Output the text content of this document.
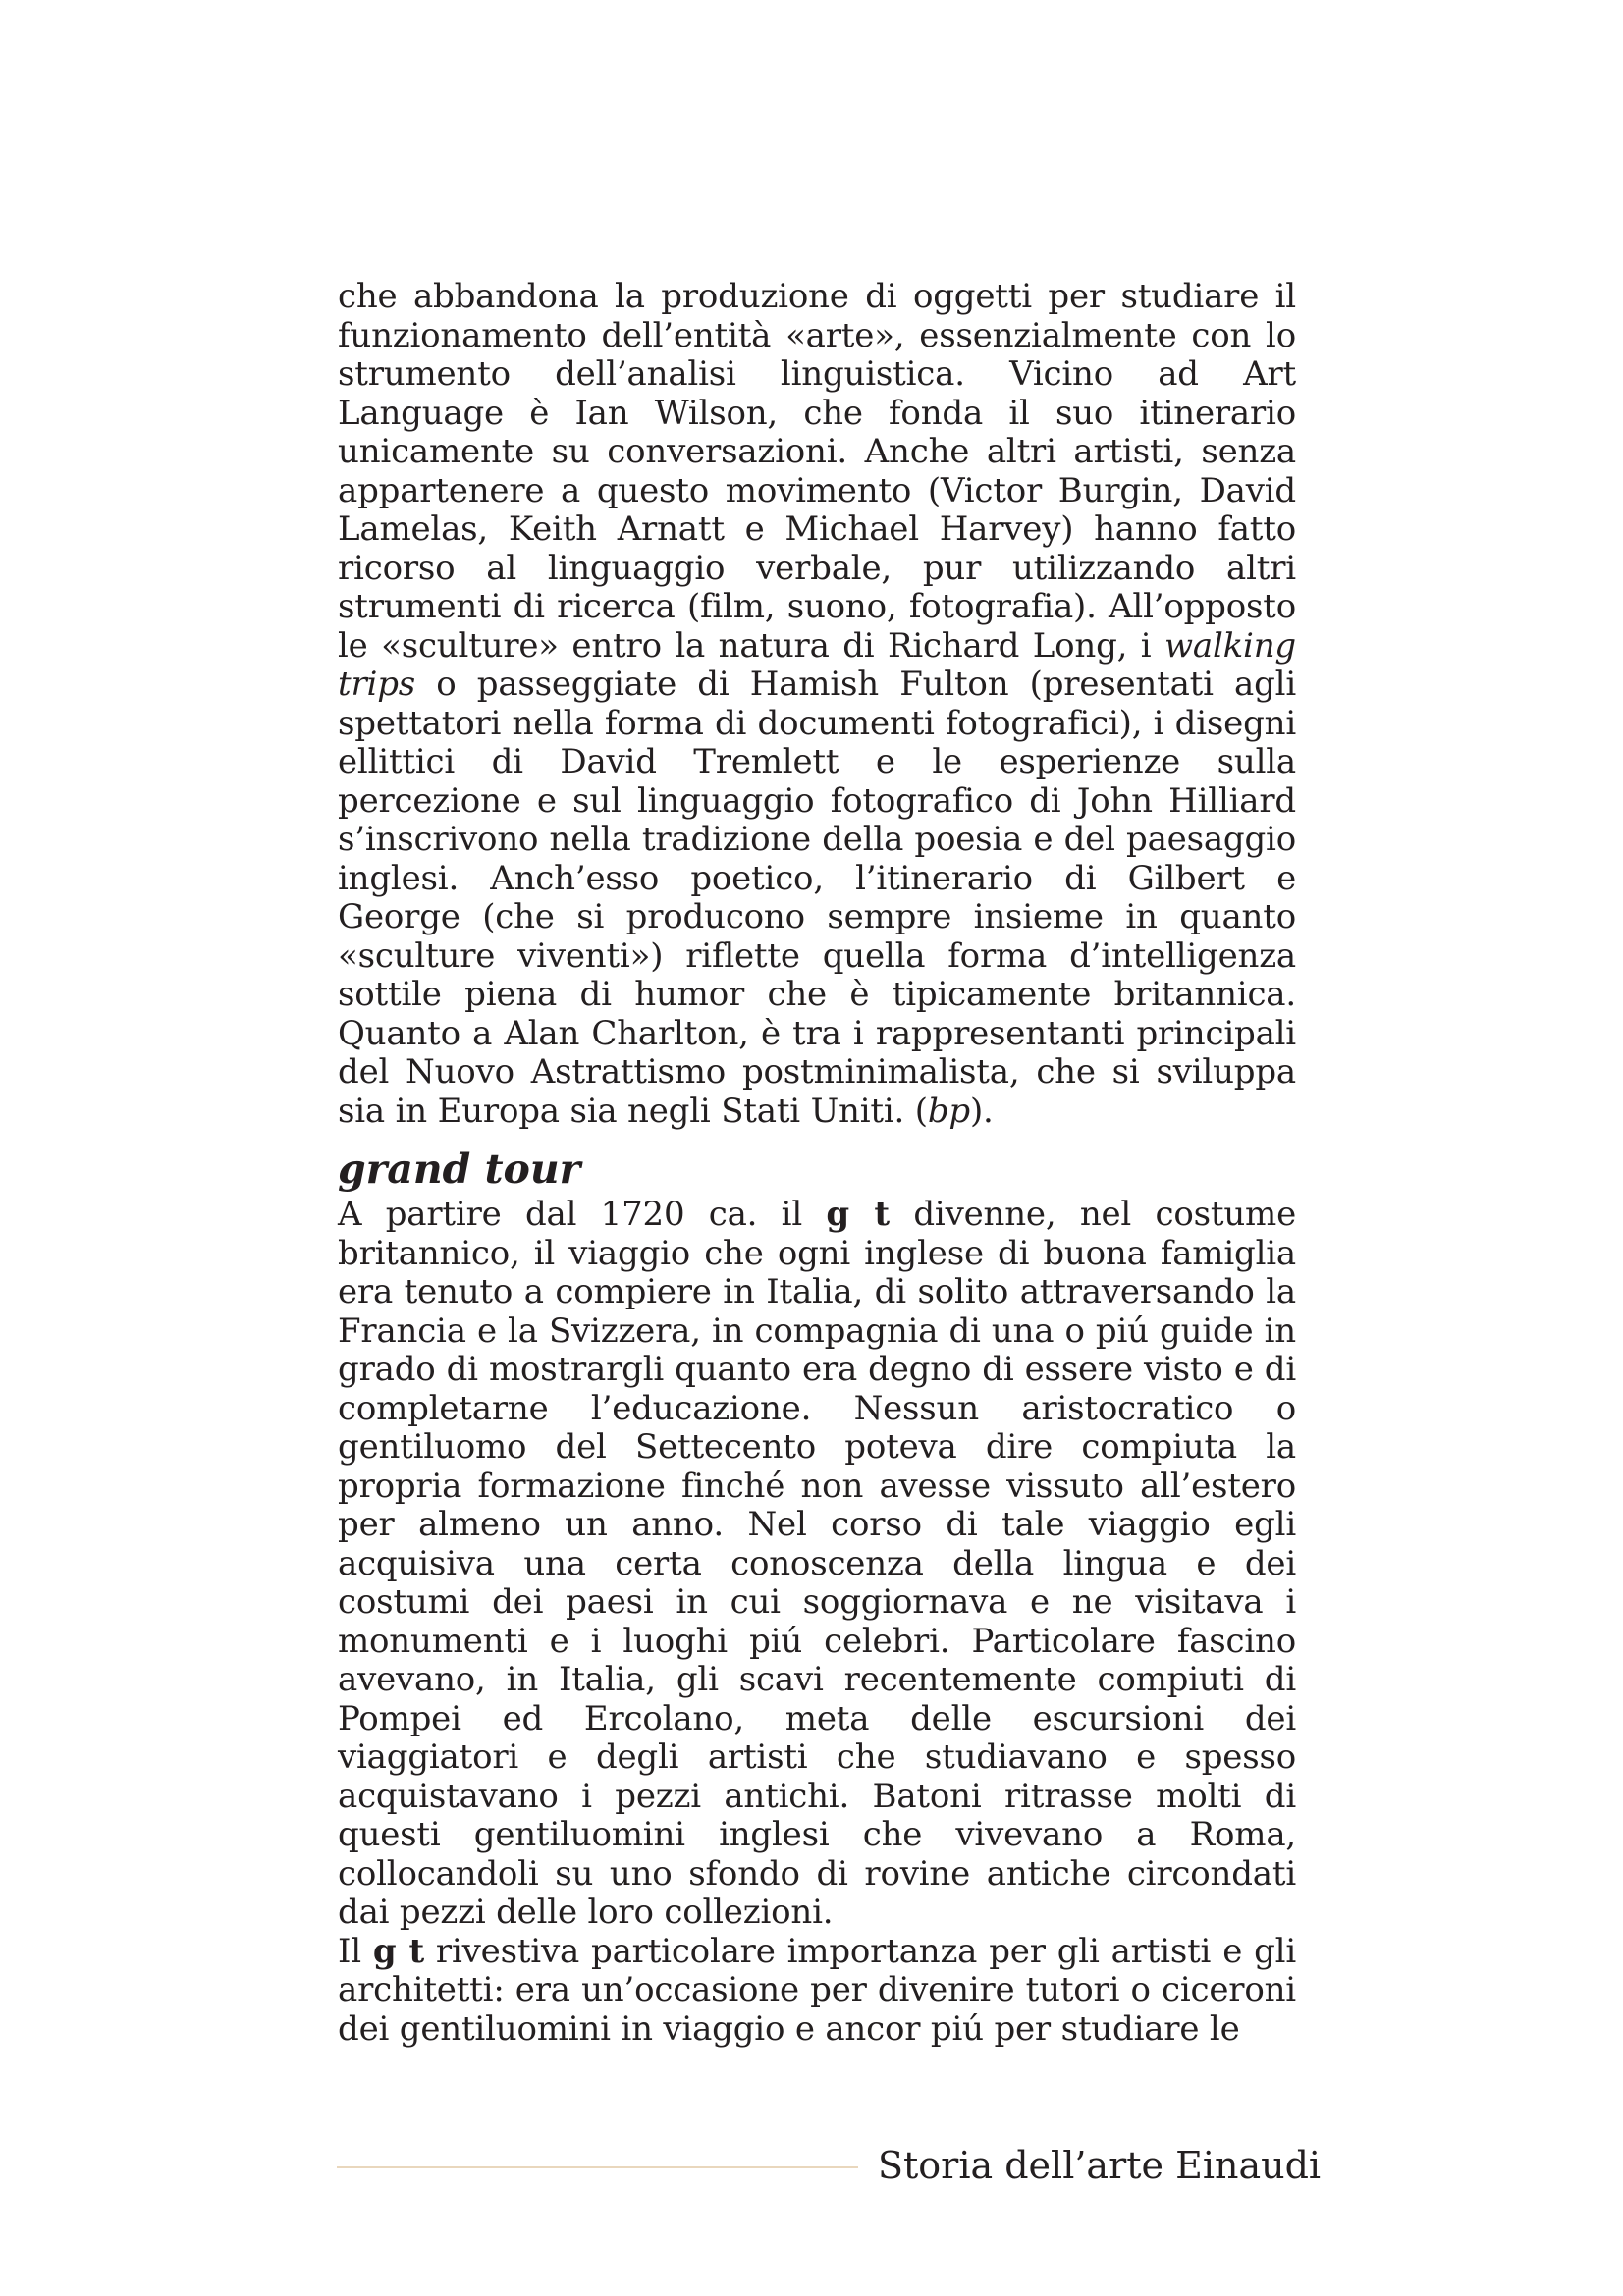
che abbandona la produzione di oggetti per studiare il funzionamento dell’entità «arte», essenzialmente con lo strumento dell’analisi linguistica. Vicino ad Art Language è Ian Wilson, che fonda il suo itinerario unicamente su conversazioni. Anche altri artisti, senza appartenere a questo movimento (Victor Burgin, David Lamelas, Keith Arnatt e Michael Harvey) hanno fatto ricorso al linguaggio verbale, pur utilizzando altri strumenti di ricerca (film, suono, fotografia). All’opposto le «sculture» entro la natura di Richard Long, i walking trips o passeggiate di Hamish Fulton (presentati agli spettatori nella forma di documenti fotografici), i disegni ellittici di David Tremlett e le esperienze sulla percezione e sul linguaggio fotografico di John Hilliard s’inscrivono nella tradizione della poesia e del paesaggio inglesi. Anch’esso poetico, l’itinerario di Gilbert e George (che si producono sempre insieme in quanto «sculture viventi») riflette quella forma d’intelligenza sottile piena di humor che è tipicamente britannica. Quanto a Alan Charlton, è tra i rappresentanti principali del Nuovo Astrattismo postminimalista, che si sviluppa sia in Europa sia negli Stati Uniti. (bp).

grand tour

A partire dal 1720 ca. il g t divenne, nel costume britannico, il viaggio che ogni inglese di buona famiglia era tenuto a compiere in Italia, di solito attraversando la Francia e la Svizzera, in compagnia di una o piú guide in grado di mostrargli quanto era degno di essere visto e di completarne l’educazione. Nessun aristocratico o gentiluomo del Settecento poteva dire compiuta la propria formazione finché non avesse vissuto all’estero per almeno un anno. Nel corso di tale viaggio egli acquisiva una certa conoscenza della lingua e dei costumi dei paesi in cui soggiornava e ne visitava i monumenti e i luoghi piú celebri. Particolare fascino avevano, in Italia, gli scavi recentemente compiuti di Pompei ed Ercolano, meta delle escursioni dei viaggiatori e degli artisti che studiavano e spesso acquistavano i pezzi antichi. Batoni ritrasse molti di questi gentiluomini inglesi che vivevano a Roma, collocandoli su uno sfondo di rovine antiche circondati dai pezzi delle loro collezioni.

Il g t rivestiva particolare importanza per gli artisti e gli architetti: era un’occasione per divenire tutori o ciceroni dei gentiluomini in viaggio e ancor piú per studiare le

Storia dell’arte Einaudi
